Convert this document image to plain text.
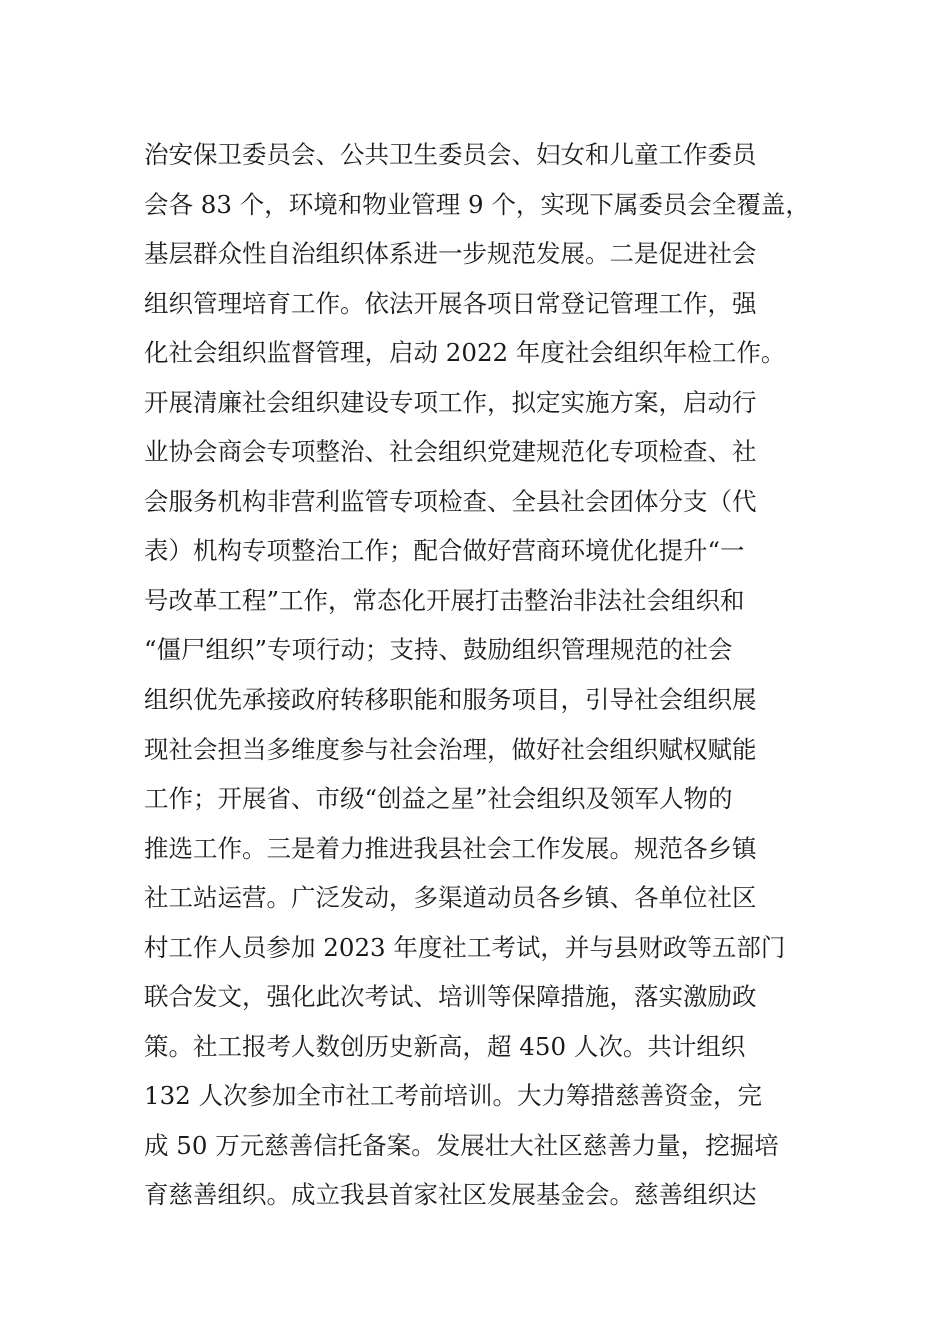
治安保卫委员会、公共卫生委员会、妇女和儿童工作委员
会各 83 个，环境和物业管理 9 个，实现下属委员会全覆盖，
基层群众性自治组织体系进一步规范发展。二是促进社会
组织管理培育工作。依法开展各项日常登记管理工作，强
化社会组织监督管理，启动 2022 年度社会组织年检工作。
开展清廉社会组织建设专项工作，拟定实施方案，启动行
业协会商会专项整治、社会组织党建规范化专项检查、社
会服务机构非营利监管专项检查、全县社会团体分支（代
表）机构专项整治工作；配合做好营商环境优化提升“一
号改革工程”工作，常态化开展打击整治非法社会组织和
“僵尸组织”专项行动；支持、鼓励组织管理规范的社会
组织优先承接政府转移职能和服务项目，引导社会组织展
现社会担当多维度参与社会治理，做好社会组织赋权赋能
工作；开展省、市级“创益之星”社会组织及领军人物的
推选工作。三是着力推进我县社会工作发展。规范各乡镇
社工站运营。广泛发动，多渠道动员各乡镇、各单位社区
村工作人员参加 2023 年度社工考试，并与县财政等五部门
联合发文，强化此次考试、培训等保障措施，落实激励政
策。社工报考人数创历史新高，超 450 人次。共计组织
132 人次参加全市社工考前培训。大力筹措慈善资金，完
成 50 万元慈善信托备案。发展壮大社区慈善力量，挖掘培
育慈善组织。成立我县首家社区发展基金会。慈善组织达
